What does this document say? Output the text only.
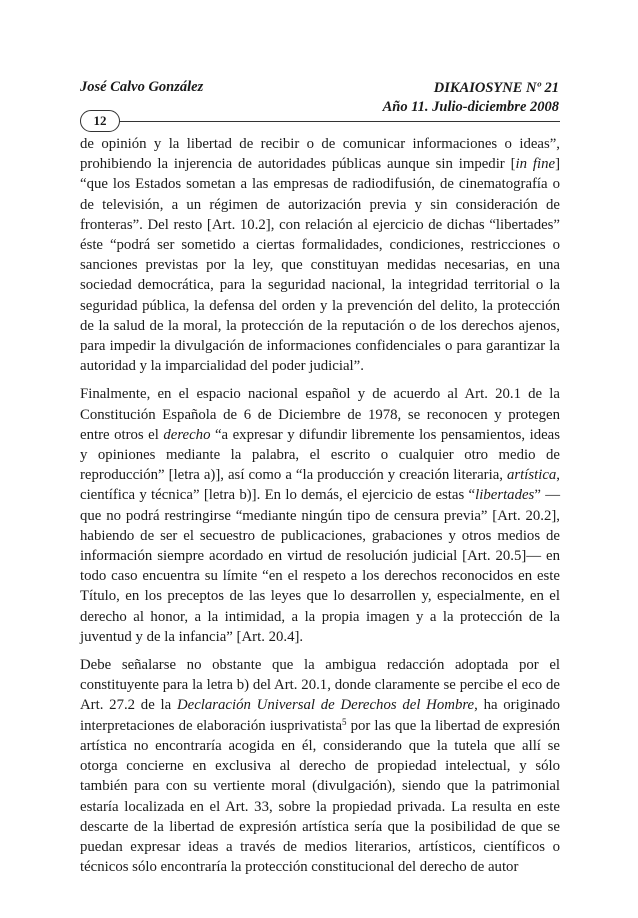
José Calvo González	DIKAIOSYNE Nº 21
Año 11. Julio-diciembre 2008
12

de opinión y la libertad de recibir o de comunicar informaciones o ideas”, prohibiendo la injerencia de autoridades públicas aunque sin impedir [in fine] “que los Estados sometan a las empresas de radiodifusión, de cinematografía o de televisión, a un régimen de autorización previa y sin consideración de fronteras”. Del resto [Art. 10.2], con relación al ejercicio de dichas “libertades” éste “podrá ser sometido a ciertas formalidades, condiciones, restricciones o sanciones previstas por la ley, que constituyan medidas necesarias, en una sociedad democrática, para la seguridad nacional, la integridad territorial o la seguridad pública, la defensa del orden y la prevención del delito, la protección de la salud de la moral, la protección de la reputación o de los derechos ajenos, para impedir la divulgación de informaciones confidenciales o para garantizar la autoridad y la imparcialidad del poder judicial”.

Finalmente, en el espacio nacional español y de acuerdo al Art. 20.1 de la Constitución Española de 6 de Diciembre de 1978, se reconocen y protegen entre otros el derecho “a expresar y difundir libremente los pensamientos, ideas y opiniones mediante la palabra, el escrito o cualquier otro medio de reproducción” [letra a)], así como a “la producción y creación literaria, artística, científica y técnica” [letra b)]. En lo demás, el ejercicio de estas “libertades” —que no podrá restringirse “mediante ningún tipo de censura previa” [Art. 20.2], habiendo de ser el secuestro de publicaciones, grabaciones y otros medios de información siempre acordado en virtud de resolución judicial [Art. 20.5]— en todo caso encuentra su límite “en el respeto a los derechos reconocidos en este Título, en los preceptos de las leyes que lo desarrollen y, especialmente, en el derecho al honor, a la intimidad, a la propia imagen y a la protección de la juventud y de la infancia” [Art. 20.4].

Debe señalarse no obstante que la ambigua redacción adoptada por el constituyente para la letra b) del Art. 20.1, donde claramente se percibe el eco de Art. 27.2 de la Declaración Universal de Derechos del Hombre, ha originado interpretaciones de elaboración iusprivatista$^5$ por las que la libertad de expresión artística no encontraría acogida en él, considerando que la tutela que allí se otorga concierne en exclusiva al derecho de propiedad intelectual, y sólo también para con su vertiente moral (divulgación), siendo que la patrimonial estaría localizada en el Art. 33, sobre la propiedad privada. La resulta en este descarte de la libertad de expresión artística sería que la posibilidad de que se puedan expresar ideas a través de medios literarios, artísticos, científicos o técnicos sólo encontraría la protección constitucional del derecho de autor
